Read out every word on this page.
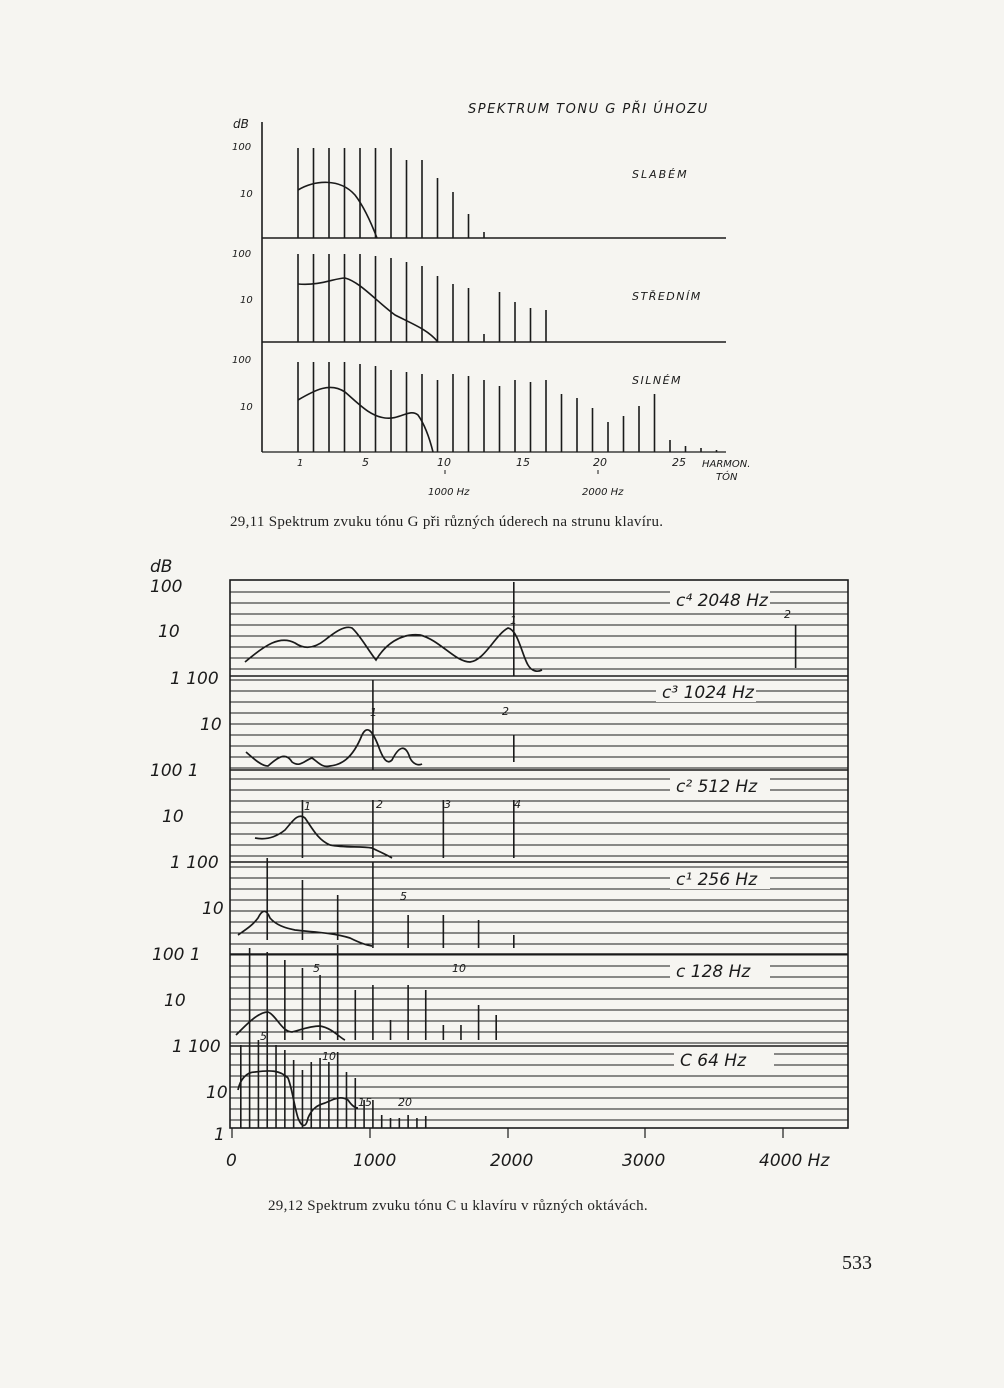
SPEKTRUM TONU G PŘI ÚHOZU
dB
100
10
100
10
100
10
SLABÉM
STŘEDNÍM
SILNÉM
1	5	10	15	20	25 HARMON.
TÓN
1000 Hz	2000 Hz
dB
100
10
1 100
10
100 1
10
1 100
10
100 1
10
1 100
10
1
c⁴ 2048 Hz
c³ 1024 Hz
c² 512 Hz
c¹ 256 Hz
c 128 Hz
C 64 Hz
1	2
1	2
1	2	3	4
5
5	10
5
10
15 20
0	1000	2000	3000	4000 Hz
29,11 Spektrum zvuku tónu G při různých úderech na strunu klavíru.
29,12 Spektrum zvuku tónu C u klavíru v různých oktávách.
533
